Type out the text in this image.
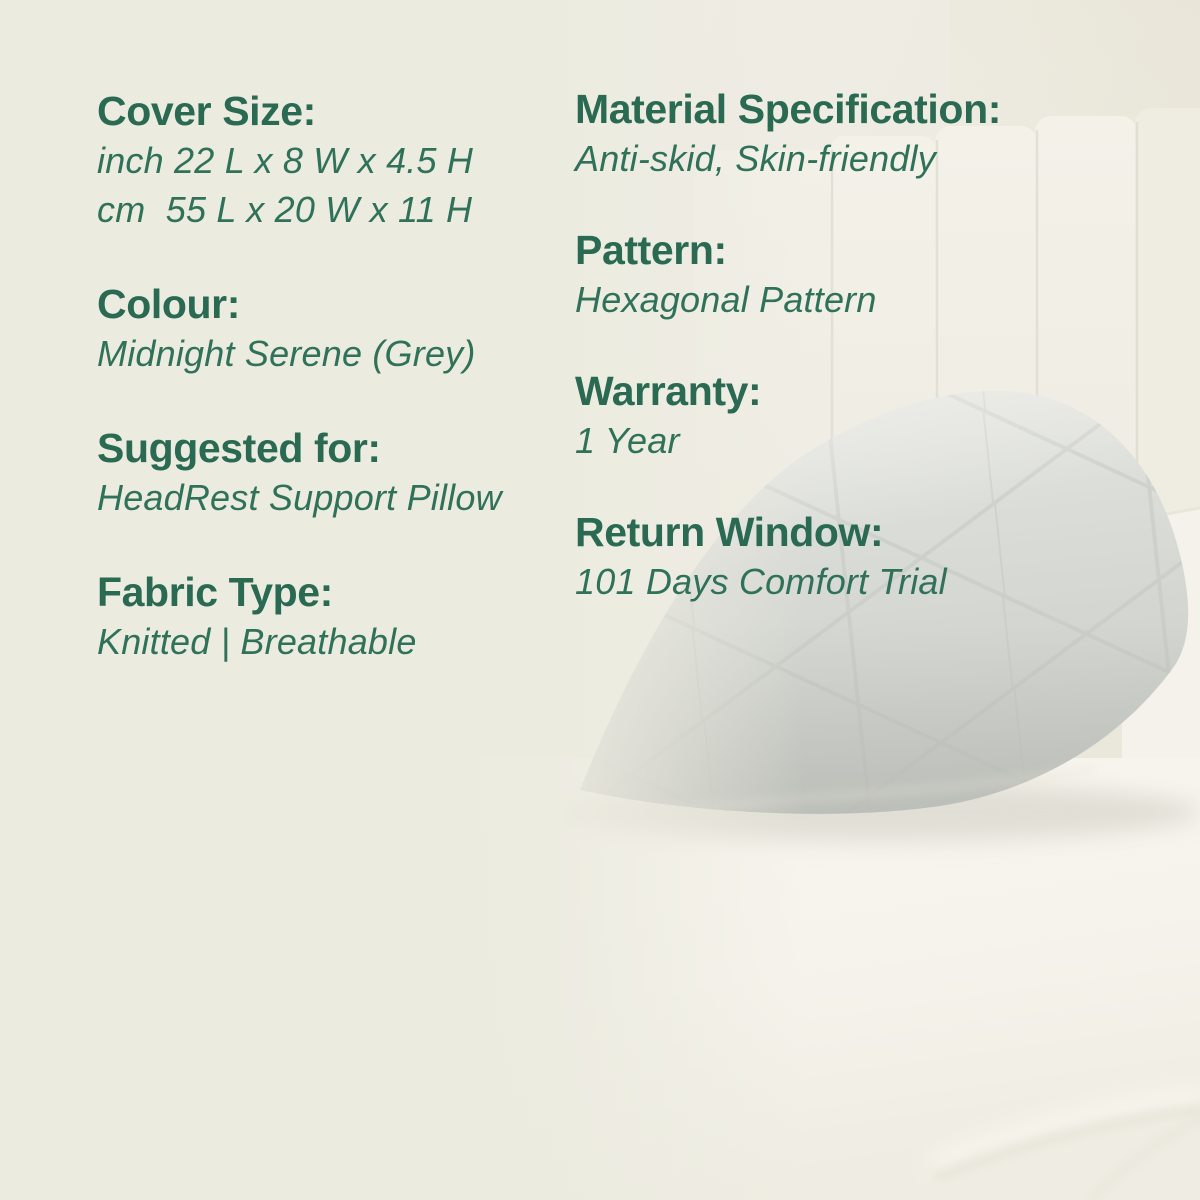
Cover Size:
inch 22 L x 8 W x 4.5 H
cm  55 L x 20 W x 11 H
Colour:
Midnight Serene (Grey)
Suggested for:
HeadRest Support Pillow
Fabric Type:
Knitted | Breathable
Material Specification:
Anti-skid, Skin-friendly
Pattern:
Hexagonal Pattern
Warranty:
1 Year
Return Window:
101 Days Comfort Trial
